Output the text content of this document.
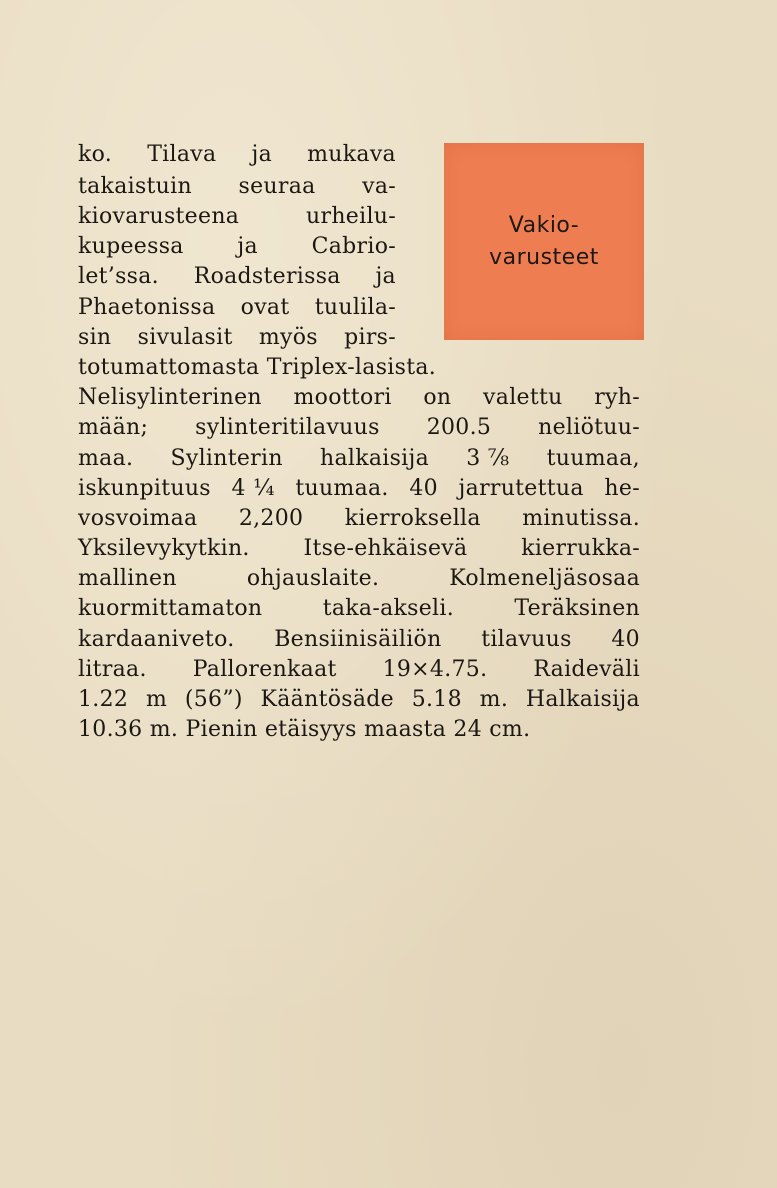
Vakio-
varusteet
ko. Tilava ja mukava
takaistuin seuraa va-
kiovarusteena	urheilu-
kupeessa ja Cabrio-
let’ssa. Roadsterissa ja
Phaetonissa ovat tuulila-
sin sivulasit myös pirs-
totumattomasta Triplex-lasista.
Nelisylinterinen moottori on valettu ryh-
mään; sylinteritilavuus 200.5 neliötuu-
maa. Sylinterin halkaisija 3 ⅞ tuumaa,
iskunpituus 4 ¼ tuumaa. 40 jarrutettua he-
vosvoimaa 2,200 kierroksella minutissa.
Yksilevykytkin. Itse-ehkäisevä kierrukka-
mallinen	ohjauslaite.	Kolmeneljäsosaa
kuormittamaton	taka-akseli.	Teräksinen
kardaaniveto. Bensiinisäiliön tilavuus 40
litraa. Pallorenkaat 19×4.75. Raideväli
1.22 m (56”) Kääntösäde 5.18 m. Halkaisija
10.36 m. Pienin etäisyys maasta 24 cm.
